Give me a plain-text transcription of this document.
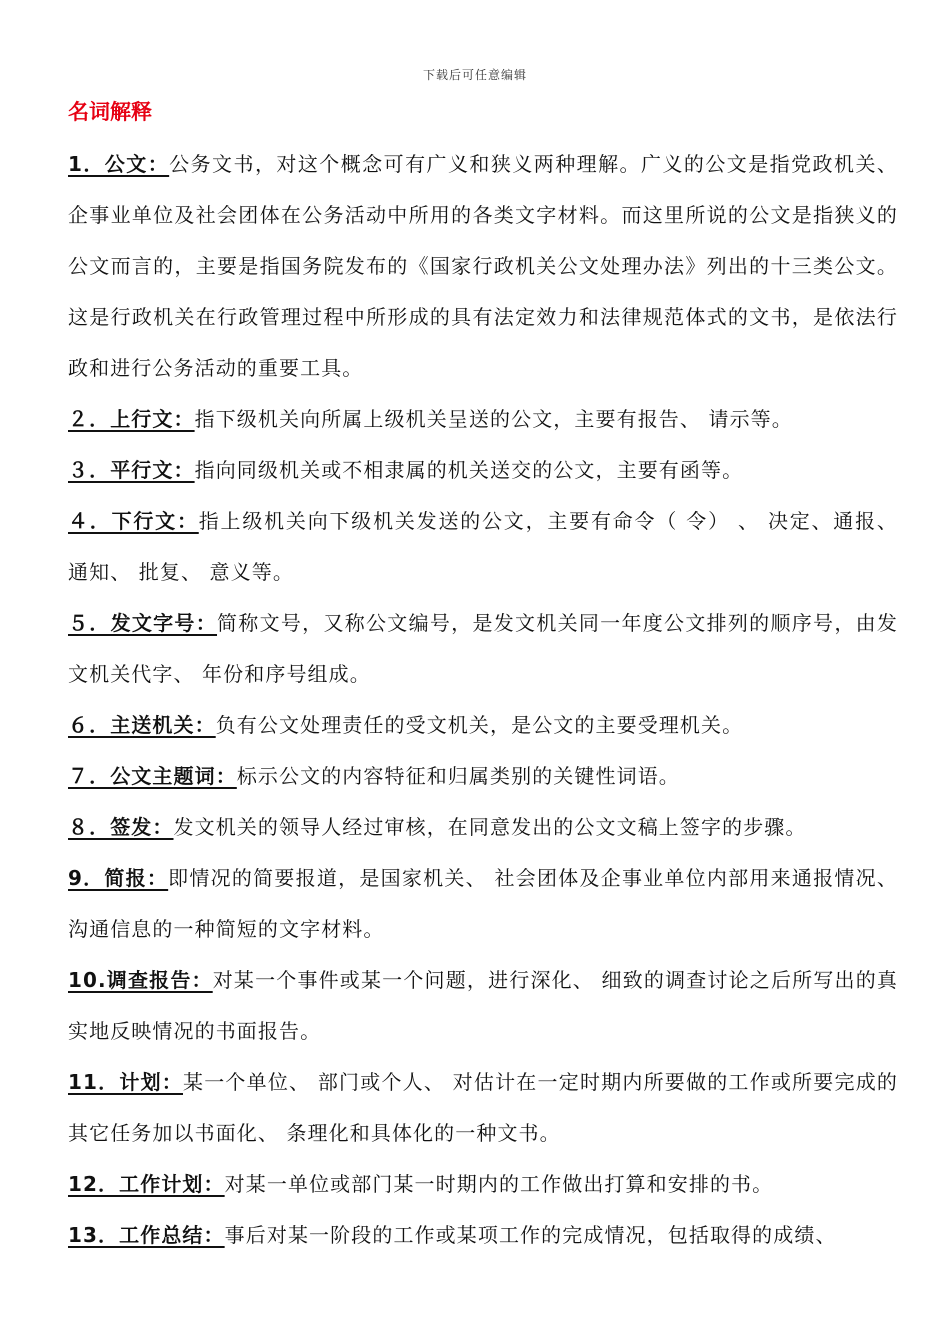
下载后可任意编辑
名词解释

1．公文：公务文书，对这个概念可有广义和狭义两种理解。广义的公文是指党政机关、 企事业单位及社会团体在公务活动中所用的各类文字材料。而这里所说的公文是指狭义的公文而言的，主要是指国务院发布的《国家行政机关公文处理办法》列出的十三类公文。这是行政机关在行政管理过程中所形成的具有法定效力和法律规范体式的文书，是依法行政和进行公务活动的重要工具。

２．上行文：指下级机关向所属上级机关呈送的公文，主要有报告、 请示等。

３．平行文：指向同级机关或不相隶属的机关送交的公文，主要有函等。

４．下行文：指上级机关向下级机关发送的公文，主要有命令（ 令） 、 决定、通报、 通知、 批复、 意义等。

５．发文字号：简称文号，又称公文编号，是发文机关同一年度公文排列的顺序号，由发文机关代字、 年份和序号组成。

６．主送机关：负有公文处理责任的受文机关，是公文的主要受理机关。

７．公文主题词：标示公文的内容特征和归属类别的关键性词语。

８．签发：发文机关的领导人经过审核，在同意发出的公文文稿上签字的步骤。

9．简报：即情况的简要报道，是国家机关、 社会团体及企事业单位内部用来通报情况、 沟通信息的一种简短的文字材料。

10.调查报告：对某一个事件或某一个问题，进行深化、 细致的调查讨论之后所写出的真实地反映情况的书面报告。

11．计划：某一个单位、 部门或个人、 对估计在一定时期内所要做的工作或所要完成的其它任务加以书面化、 条理化和具体化的一种文书。

12．工作计划：对某一单位或部门某一时期内的工作做出打算和安排的书。

13．工作总结：事后对某一阶段的工作或某项工作的完成情况，包括取得的成绩、
